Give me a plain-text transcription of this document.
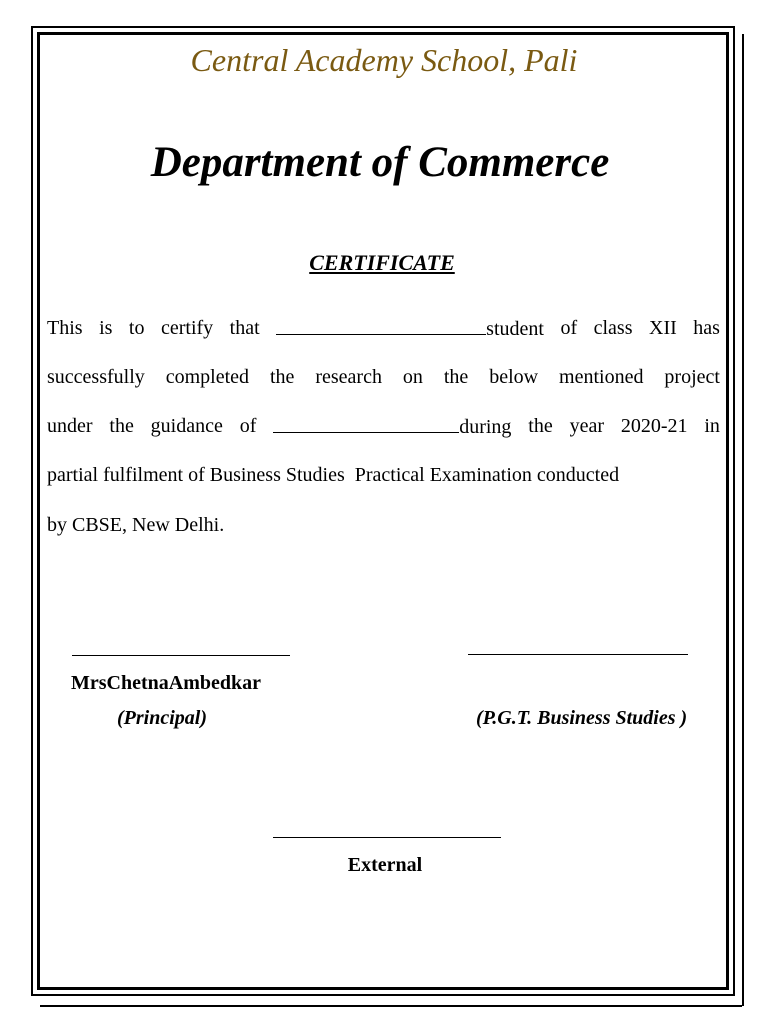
Central Academy School, Pali
Department of Commerce
CERTIFICATE
This is to certify that	student of class XII has
successfully completed the research on the below mentioned project
under the guidance of	during the year 2020-21 in
partial fulfilment of Business Studies  Practical Examination conducted
by CBSE, New Delhi.
MrsChetnaAmbedkar
(Principal)	(P.G.T. Business Studies )
External
